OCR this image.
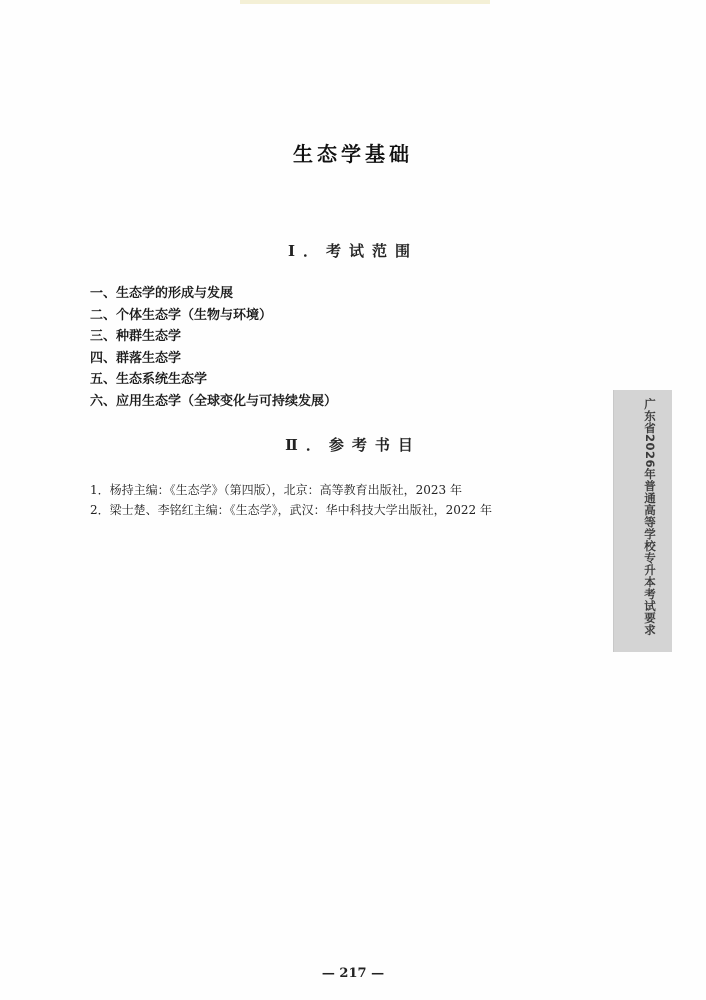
生态学基础
Ⅰ．考试范围
一、生态学的形成与发展
二、个体生态学（生物与环境）
三、种群生态学
四、群落生态学
五、生态系统生态学
六、应用生态学（全球变化与可持续发展）
Ⅱ．参考书目
1．杨持主编：《生态学》（第四版），北京：高等教育出版社，2023 年
2．梁士楚、李铭红主编：《生态学》，武汉：华中科技大学出版社，2022 年	广东省2026年普通高等学校专升本考试要求
— 217 —
